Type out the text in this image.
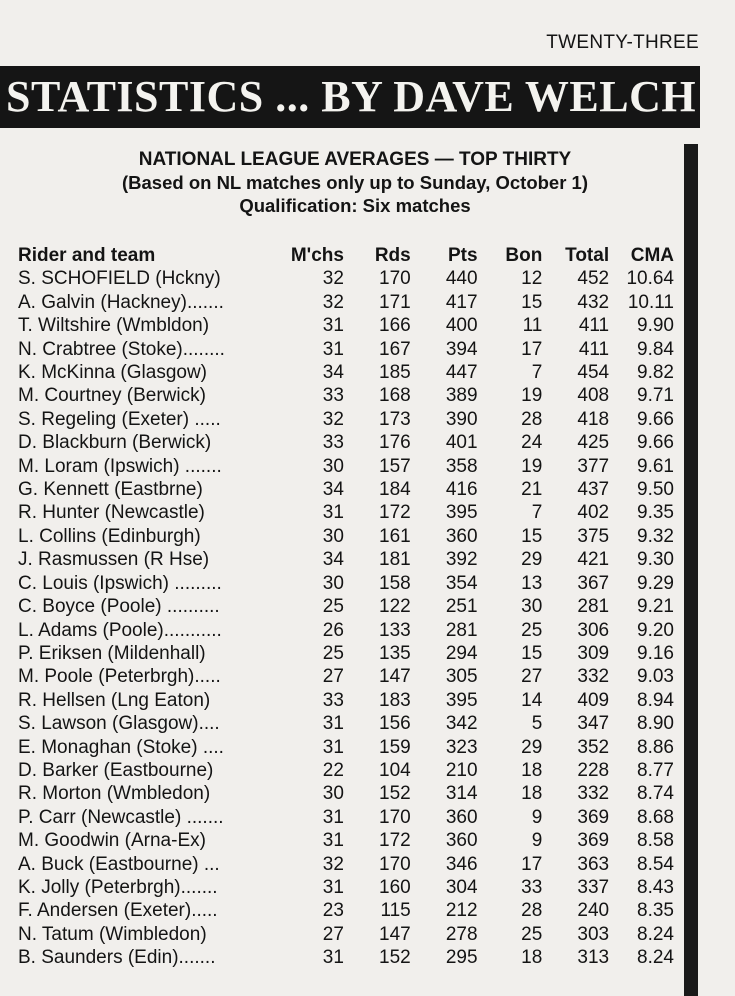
TWENTY-THREE
STATISTICS ... BY DAVE WELCH
NATIONAL LEAGUE AVERAGES — TOP THIRTY
(Based on NL matches only up to Sunday, October 1)
Qualification: Six matches
Rider and team	M'chs	Rds	Pts	Bon	Total	CMA
S. SCHOFIELD (Hckny)	32	170	440	12	452	10.64
A. Galvin (Hackney).......	32	171	417	15	432	10.11
T. Wiltshire (Wmbldon)	31	166	400	11	411	9.90
N. Crabtree (Stoke)........	31	167	394	17	411	9.84
K. McKinna (Glasgow)	34	185	447	7	454	9.82
M. Courtney (Berwick)	33	168	389	19	408	9.71
S. Regeling (Exeter) .....	32	173	390	28	418	9.66
D. Blackburn (Berwick)	33	176	401	24	425	9.66
M. Loram (Ipswich) .......	30	157	358	19	377	9.61
G. Kennett (Eastbrne)	34	184	416	21	437	9.50
R. Hunter (Newcastle)	31	172	395	7	402	9.35
L. Collins (Edinburgh)	30	161	360	15	375	9.32
J. Rasmussen (R Hse)	34	181	392	29	421	9.30
C. Louis (Ipswich) .........	30	158	354	13	367	9.29
C. Boyce (Poole) ..........	25	122	251	30	281	9.21
L. Adams (Poole)...........	26	133	281	25	306	9.20
P. Eriksen (Mildenhall)	25	135	294	15	309	9.16
M. Poole (Peterbrgh).....	27	147	305	27	332	9.03
R. Hellsen (Lng Eaton)	33	183	395	14	409	8.94
S. Lawson (Glasgow)....	31	156	342	5	347	8.90
E. Monaghan (Stoke) ....	31	159	323	29	352	8.86
D. Barker (Eastbourne)	22	104	210	18	228	8.77
R. Morton (Wmbledon)	30	152	314	18	332	8.74
P. Carr (Newcastle) .......	31	170	360	9	369	8.68
M. Goodwin (Arna-Ex)	31	172	360	9	369	8.58
A. Buck (Eastbourne) ...	32	170	346	17	363	8.54
K. Jolly (Peterbrgh).......	31	160	304	33	337	8.43
F. Andersen (Exeter).....	23	115	212	28	240	8.35
N. Tatum (Wimbledon)	27	147	278	25	303	8.24
B. Saunders (Edin).......	31	152	295	18	313	8.24
